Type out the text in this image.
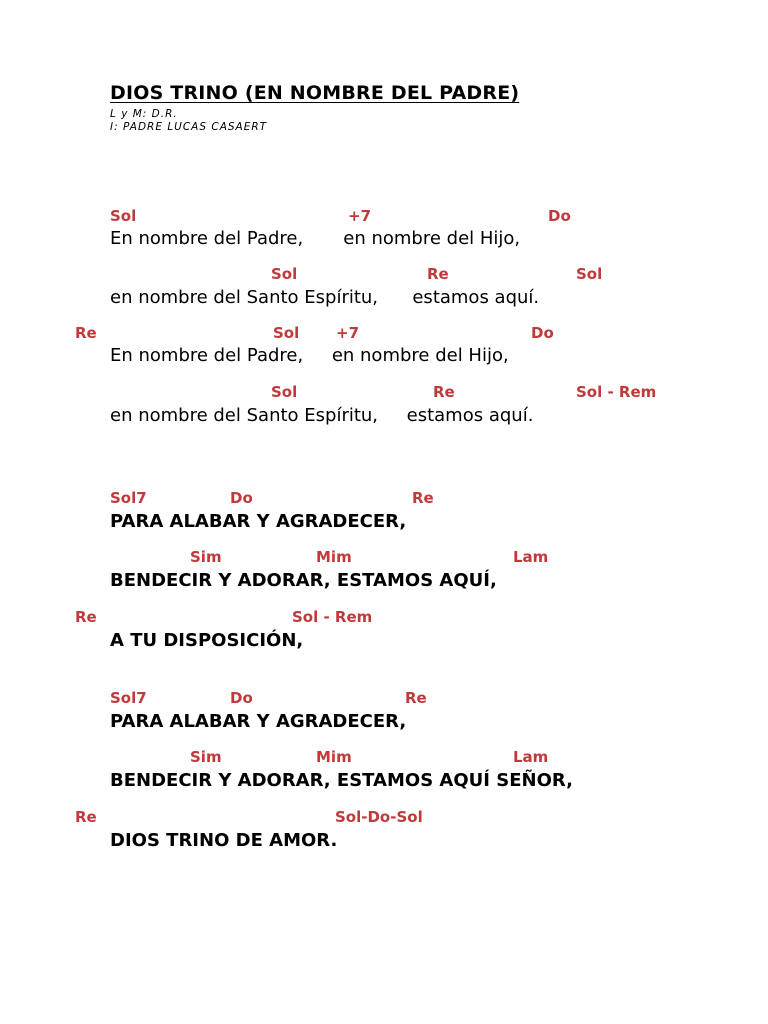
DIOS TRINO (EN NOMBRE DEL PADRE)
L y M: D.R.
I: PADRE LUCAS CASAERT
Sol	+7	Do
En nombre del Padre,       en nombre del Hijo,
Sol	Re	Sol
en nombre del Santo Espíritu,      estamos aquí.
Re	Sol +7	Do
En nombre del Padre,     en nombre del Hijo,
Sol	Re	Sol - Rem
en nombre del Santo Espíritu,     estamos aquí.
Sol7	Do	Re
PARA ALABAR Y AGRADECER,
Sim	Mim	Lam
BENDECIR Y ADORAR, ESTAMOS AQUÍ,
Re	Sol - Rem
A TU DISPOSICIÓN,
Sol7	Do	Re
PARA ALABAR Y AGRADECER,
Sim	Mim	Lam
BENDECIR Y ADORAR, ESTAMOS AQUÍ SEÑOR,
Re	Sol-Do-Sol
DIOS TRINO DE AMOR.
